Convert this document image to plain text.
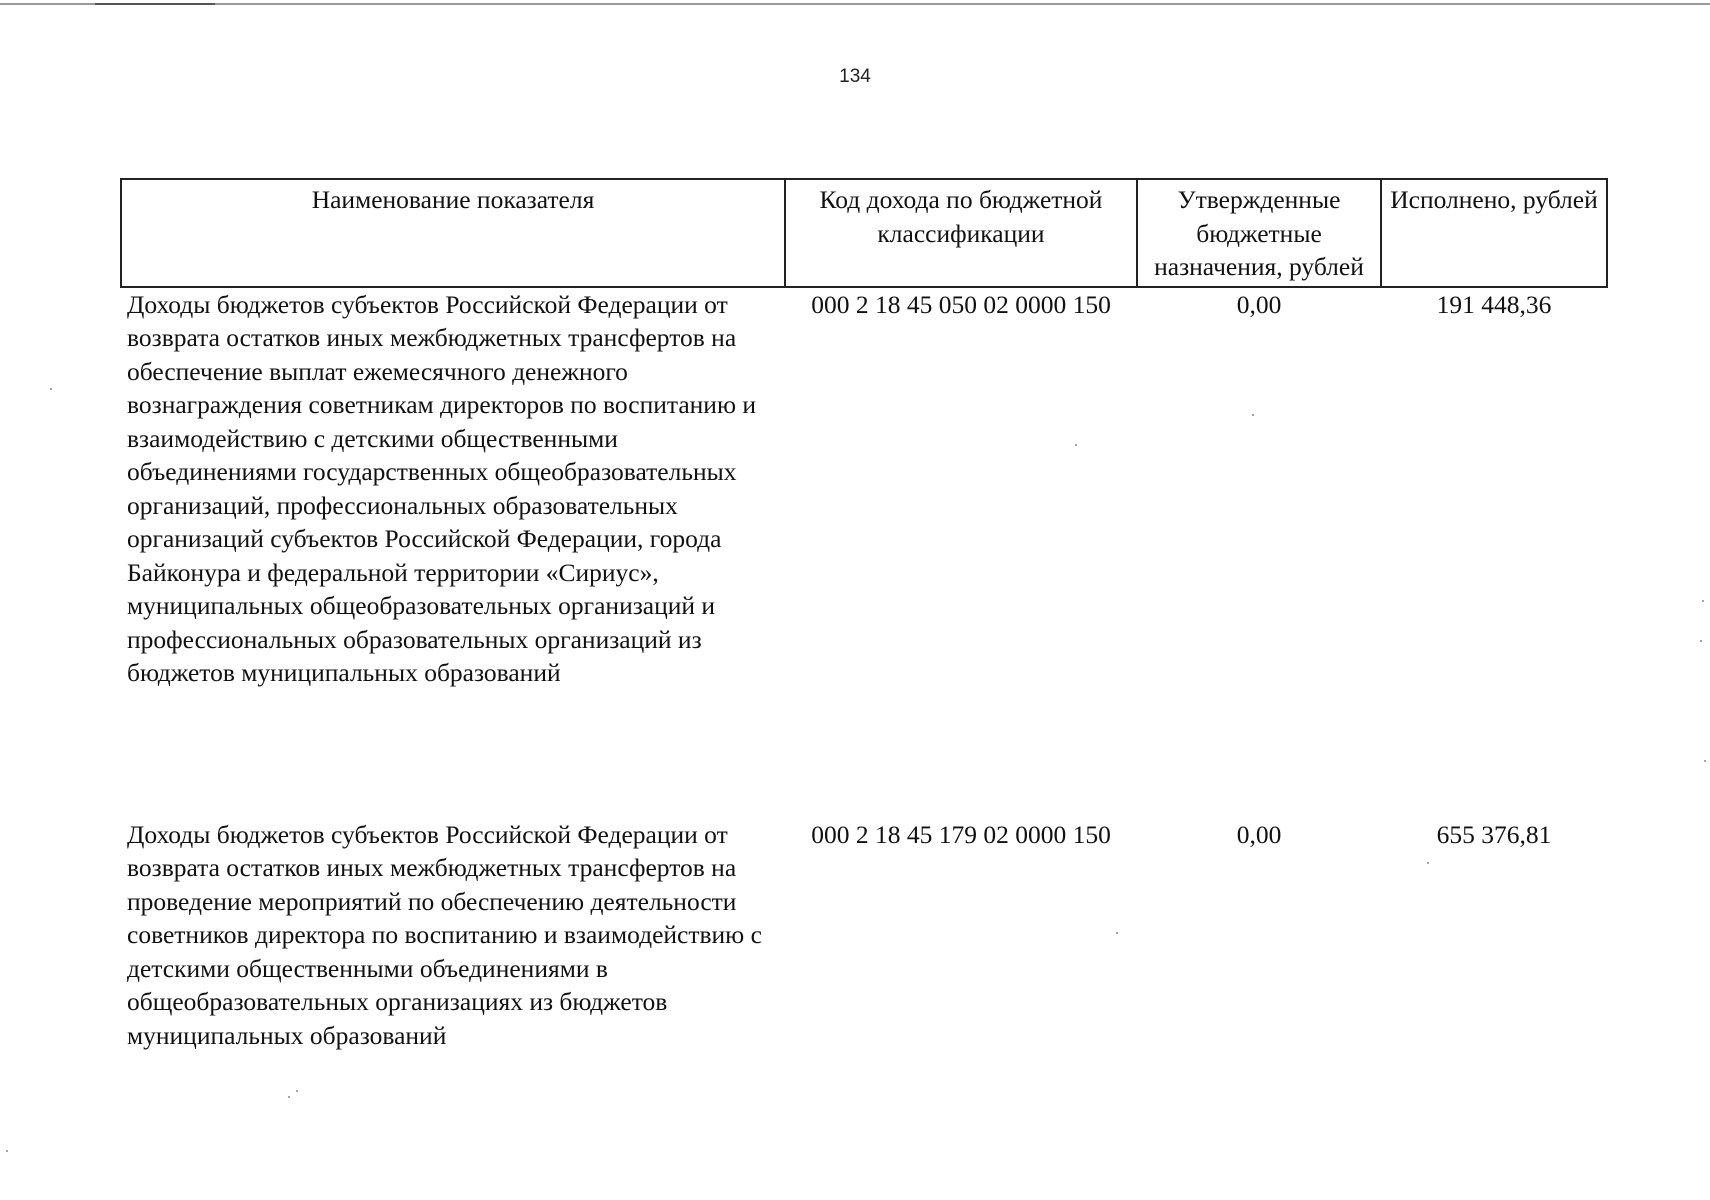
134
Наименование показателя	Код дохода по бюджетной классификации	Утвержденные бюджетные назначения, рублей	Исполнено, рублей
Доходы бюджетов субъектов Российской Федерации от возврата остатков иных межбюджетных трансфертов на обеспечение выплат ежемесячного денежного вознаграждения советникам директоров по воспитанию и взаимодействию с детскими общественными объединениями государственных общеобразовательных организаций, профессиональных образовательных организаций субъектов Российской Федерации, города Байконура и федеральной территории «Сириус», муниципальных общеобразовательных организаций и профессиональных образовательных организаций из бюджетов муниципальных образований	000 2 18 45 050 02 0000 150	0,00	191 448,36
Доходы бюджетов субъектов Российской Федерации от возврата остатков иных межбюджетных трансфертов на проведение мероприятий по обеспечению деятельности советников директора по воспитанию и взаимодействию с детскими общественными объединениями в общеобразовательных организациях из бюджетов муниципальных образований	000 2 18 45 179 02 0000 150	0,00	655 376,81
